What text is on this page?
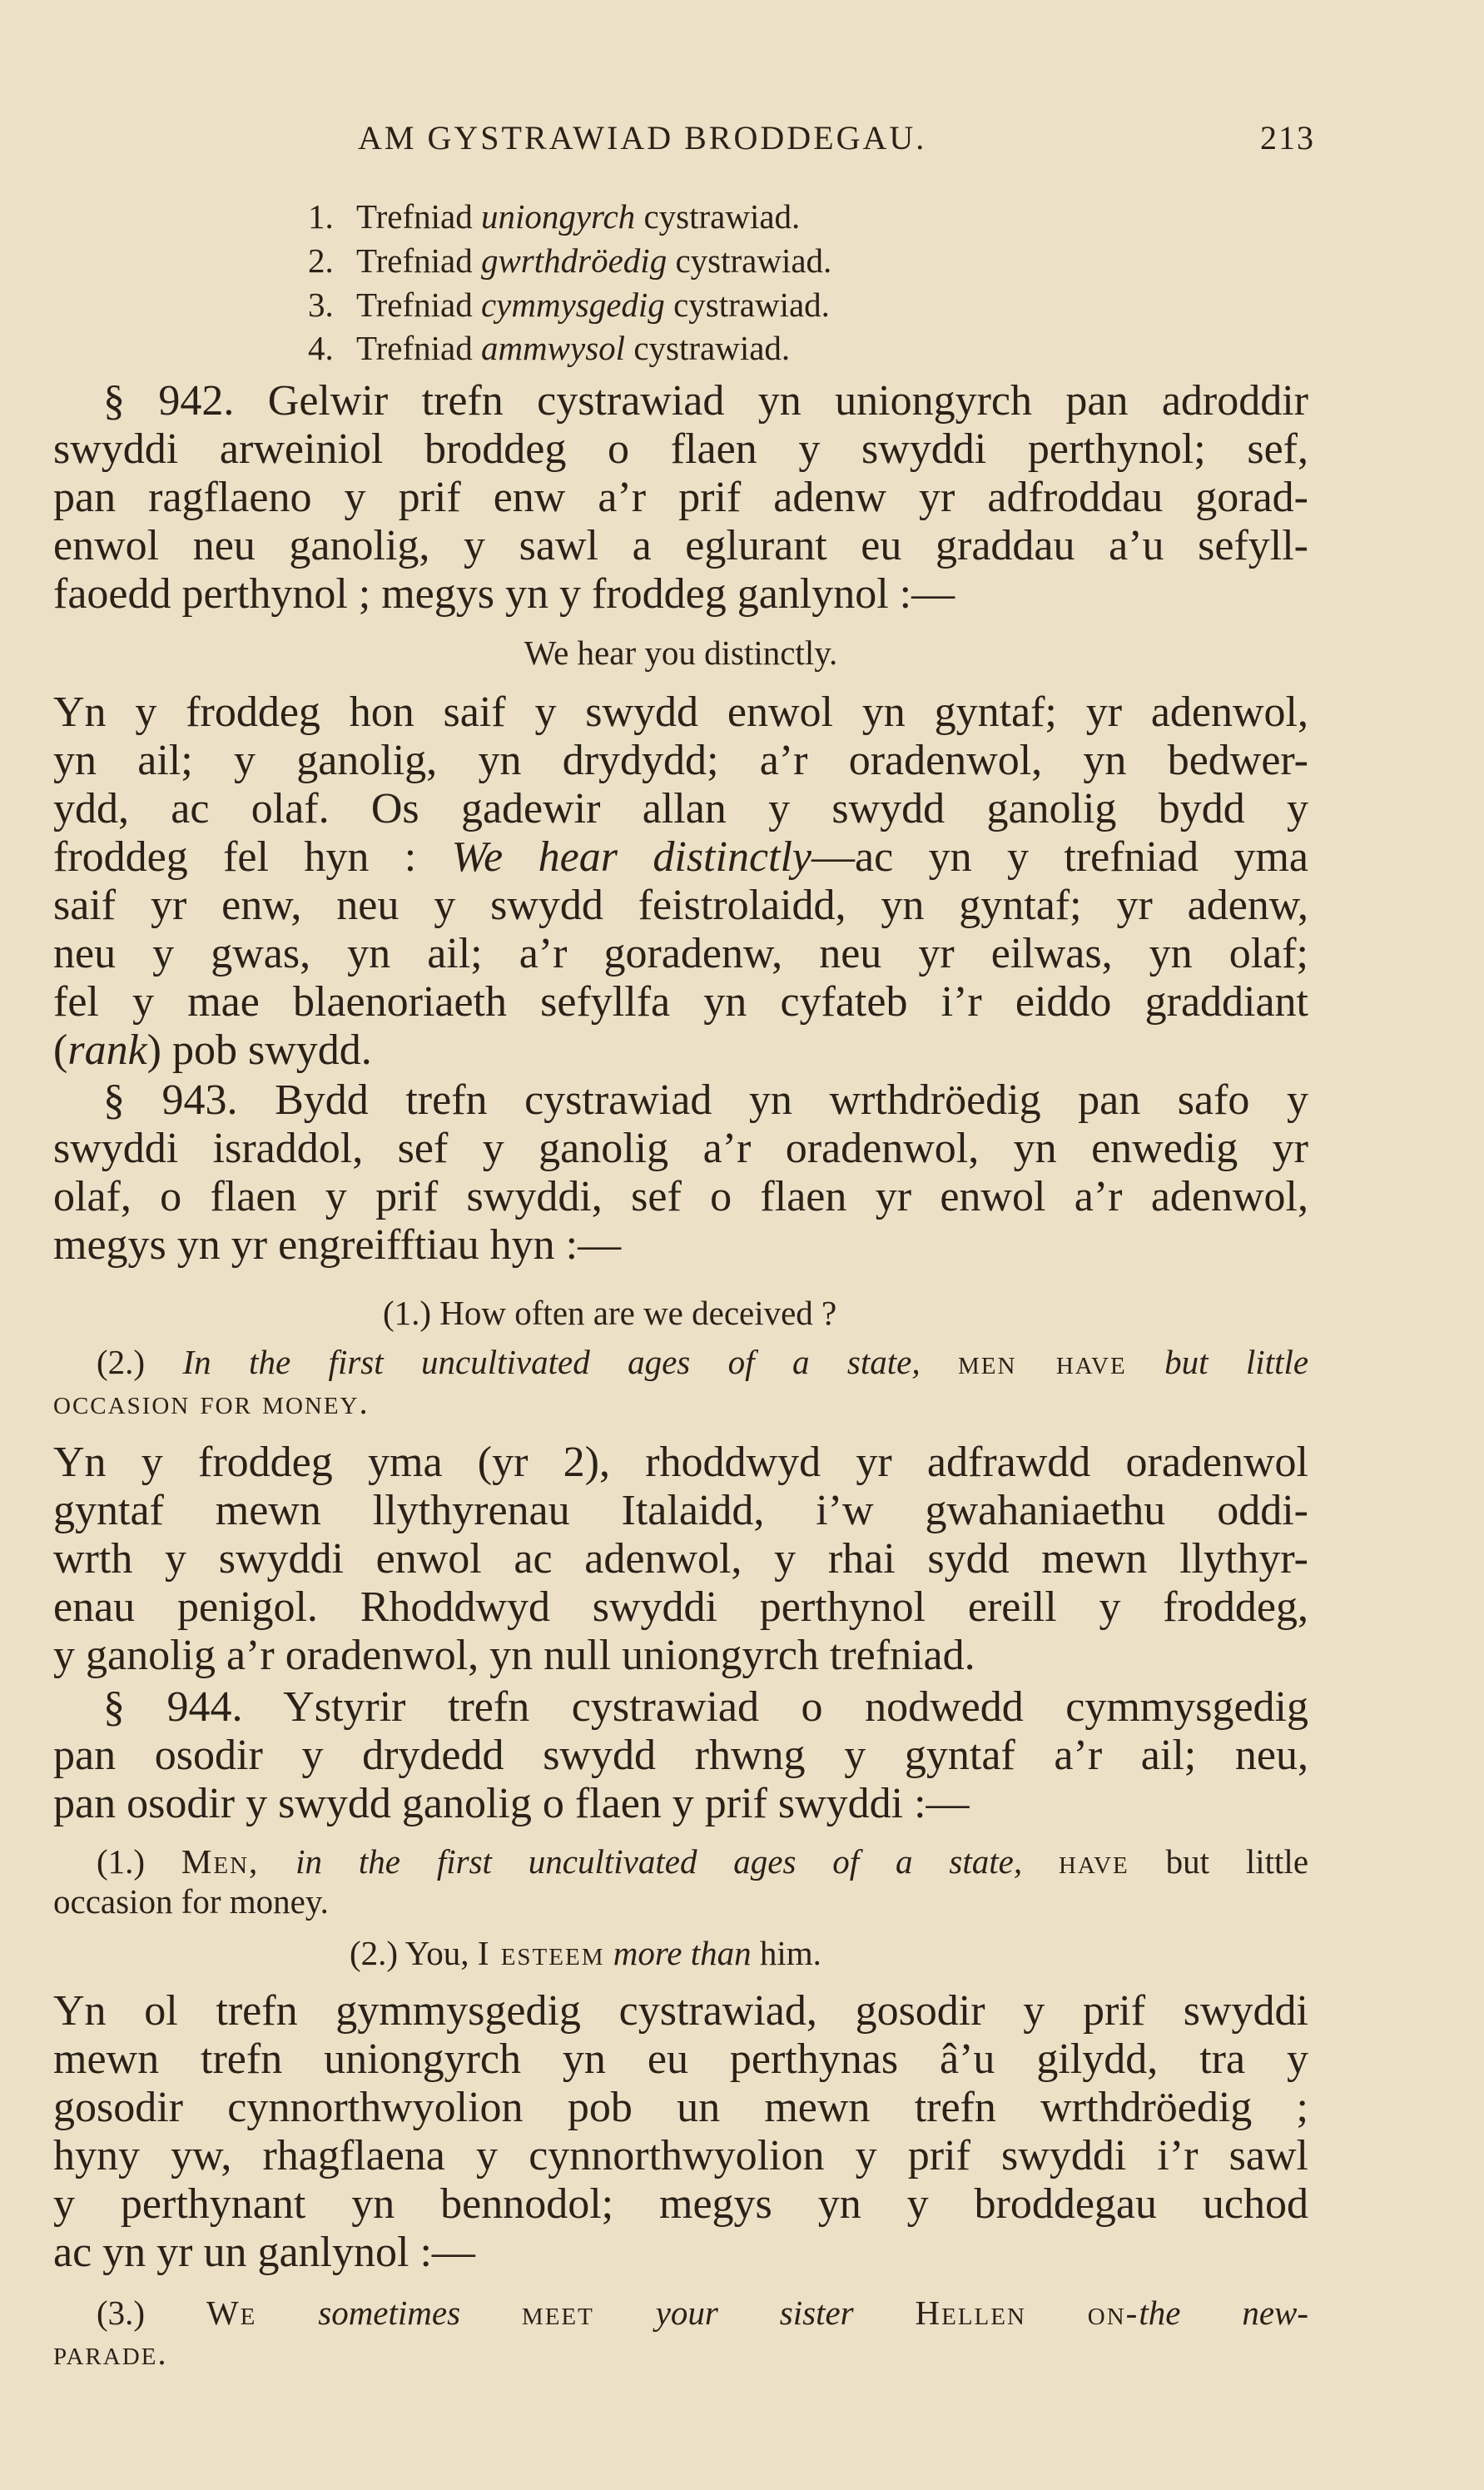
AM GYSTRAWIAD BRODDEGAU.	213
1. Trefniad uniongyrch cystrawiad.
2. Trefniad gwrthdröedig cystrawiad.
3. Trefniad cymmysgedig cystrawiad.
4. Trefniad ammwysol cystrawiad.
§ 942. Gelwir trefn cystrawiad yn uniongyrch pan adroddir
swyddi arweiniol broddeg o flaen y swyddi perthynol; sef,
pan ragflaeno y prif enw a’r prif adenw yr adfroddau gorad-
enwol neu ganolig, y sawl a eglurant eu graddau a’u sefyll-
faoedd perthynol ; megys yn y froddeg ganlynol :—
We hear you distinctly.
Yn y froddeg hon saif y swydd enwol yn gyntaf; yr adenwol,
yn ail; y ganolig, yn drydydd; a’r oradenwol, yn bedwer-
ydd, ac olaf. Os gadewir allan y swydd ganolig bydd y
froddeg fel hyn : We hear distinctly—ac yn y trefniad yma
saif yr enw, neu y swydd feistrolaidd, yn gyntaf; yr adenw,
neu y gwas, yn ail; a’r goradenw, neu yr eilwas, yn olaf;
fel y mae blaenoriaeth sefyllfa yn cyfateb i’r eiddo graddiant
(rank) pob swydd.
§ 943. Bydd trefn cystrawiad yn wrthdröedig pan safo y
swyddi israddol, sef y ganolig a’r oradenwol, yn enwedig yr
olaf, o flaen y prif swyddi, sef o flaen yr enwol a’r adenwol,
megys yn yr engreifftiau hyn :—
(1.) How often are we deceived ?
(2.) In the first uncultivated ages of a state, men have but little
occasion for money.
Yn y froddeg yma (yr 2), rhoddwyd yr adfrawdd oradenwol
gyntaf mewn llythyrenau Italaidd, i’w gwahaniaethu oddi-
wrth y swyddi enwol ac adenwol, y rhai sydd mewn llythyr-
enau penigol. Rhoddwyd swyddi perthynol ereill y froddeg,
y ganolig a’r oradenwol, yn null uniongyrch trefniad.
§ 944. Ystyrir trefn cystrawiad o nodwedd cymmysgedig
pan osodir y drydedd swydd rhwng y gyntaf a’r ail; neu,
pan osodir y swydd ganolig o flaen y prif swyddi :—
(1.) Men, in the first uncultivated ages of a state, have but little
occasion for money.
(2.) You, I esteem more than him.
Yn ol trefn gymmysgedig cystrawiad, gosodir y prif swyddi
mewn trefn uniongyrch yn eu perthynas â’u gilydd, tra y
gosodir cynnorthwyolion pob un mewn trefn wrthdröedig ;
hyny yw, rhagflaena y cynnorthwyolion y prif swyddi i’r sawl
y perthynant yn bennodol; megys yn y broddegau uchod
ac yn yr un ganlynol :—
(3.) We sometimes meet your sister Hellen on-the new-
parade.
